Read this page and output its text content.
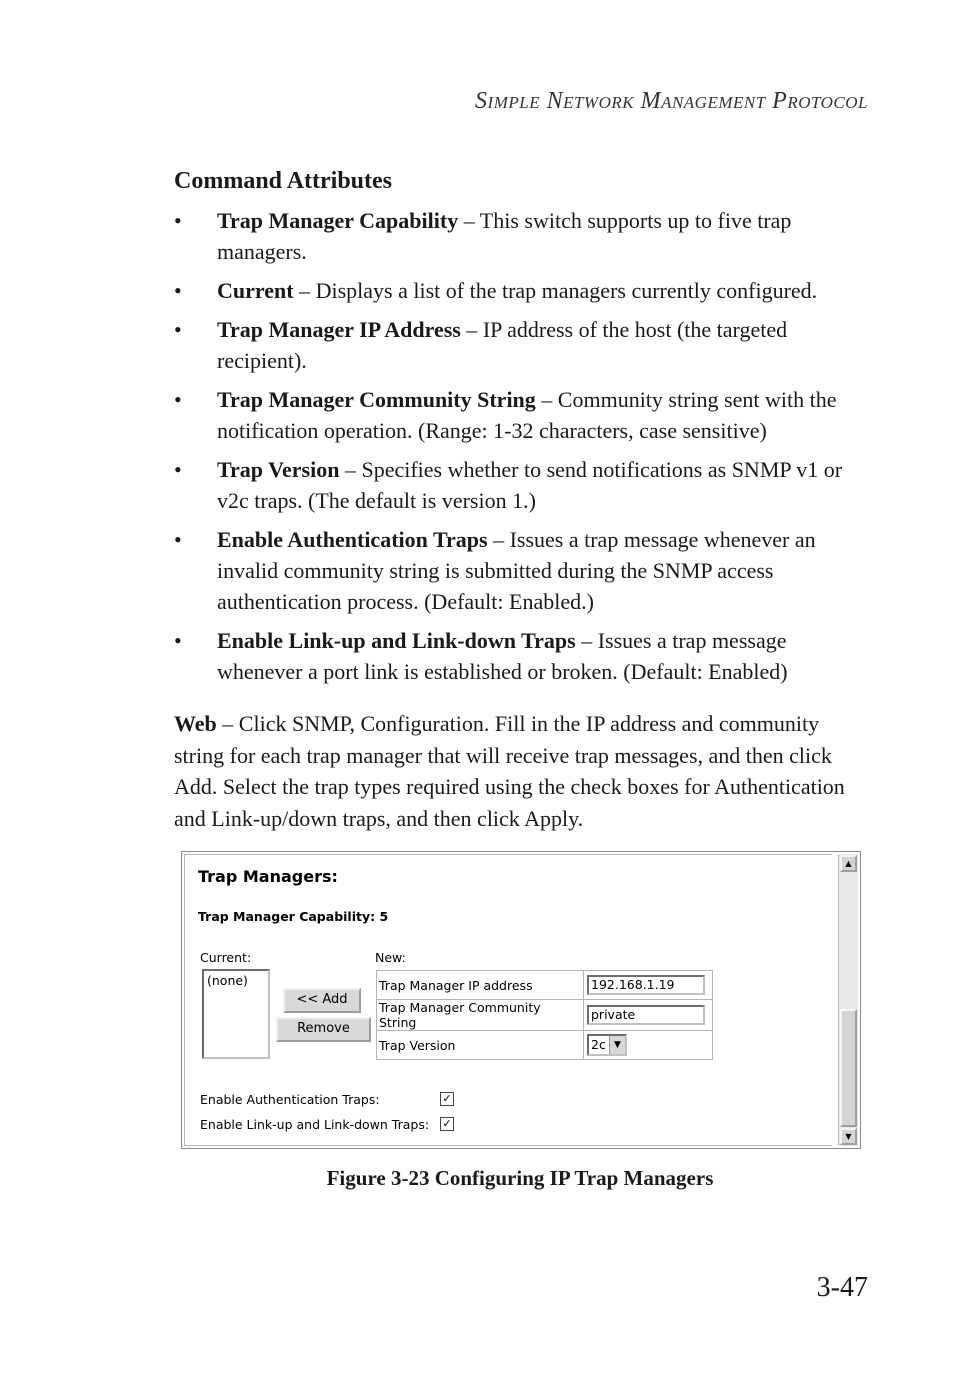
Simple Network Management Protocol
Command Attributes
• Trap Manager Capability – This switch supports up to five trap managers.
• Current – Displays a list of the trap managers currently configured.
• Trap Manager IP Address – IP address of the host (the targeted recipient).
• Trap Manager Community String – Community string sent with the notification operation. (Range: 1-32 characters, case sensitive)
• Trap Version – Specifies whether to send notifications as SNMP v1 or v2c traps. (The default is version 1.)
• Enable Authentication Traps – Issues a trap message whenever an invalid community string is submitted during the SNMP access authentication process. (Default: Enabled.)
• Enable Link-up and Link-down Traps – Issues a trap message whenever a port link is established or broken. (Default: Enabled)

Web – Click SNMP, Configuration. Fill in the IP address and community string for each trap manager that will receive trap messages, and then click Add. Select the trap types required using the check boxes for Authentication and Link-up/down traps, and then click Apply.

Trap Managers:
Trap Manager Capability: 5
Current:	New:
(none)
<< Add
Remove
Trap Manager IP address	192.168.1.19

Trap Manager Community String	private

Trap Version	2c ▼
Enable Authentication Traps:	✓
Enable Link-up and Link-down Traps: ✓
▲
▼
Figure 3-23 Configuring IP Trap Managers
3-47
